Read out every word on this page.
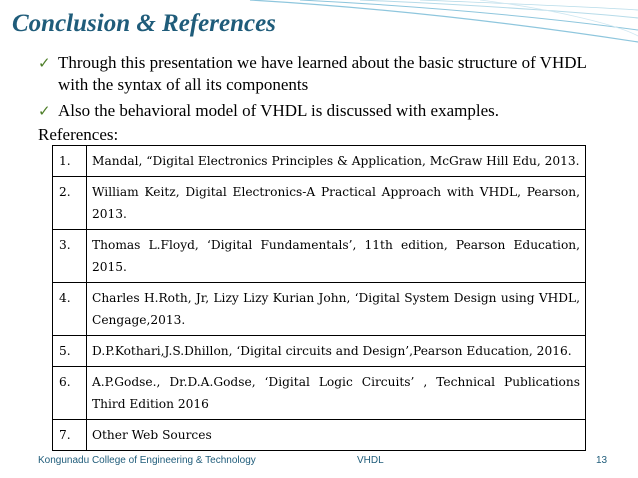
Conclusion & References
✓ Through this presentation we have learned about the basic structure of VHDL with the syntax of all its components
✓ Also the behavioral model of VHDL is discussed with examples.
References:
1.	Mandal, “Digital Electronics Principles & Application, McGraw Hill Edu, 2013.
2.	William Keitz, Digital Electronics-A Practical Approach with VHDL, Pearson, 2013.
3.	Thomas L.Floyd, ‘Digital Fundamentals’, 11th edition, Pearson Education, 2015.
4.	Charles H.Roth, Jr, Lizy Lizy Kurian John, ‘Digital System Design using VHDL, Cengage,2013.
5.	D.P.Kothari,J.S.Dhillon, ‘Digital circuits and Design’,Pearson Education, 2016.
6.	A.P.Godse., Dr.D.A.Godse, ‘Digital Logic Circuits’ , Technical Publications Third Edition 2016
7.	Other Web Sources
Kongunadu College of Engineering & Technology	VHDL	13
